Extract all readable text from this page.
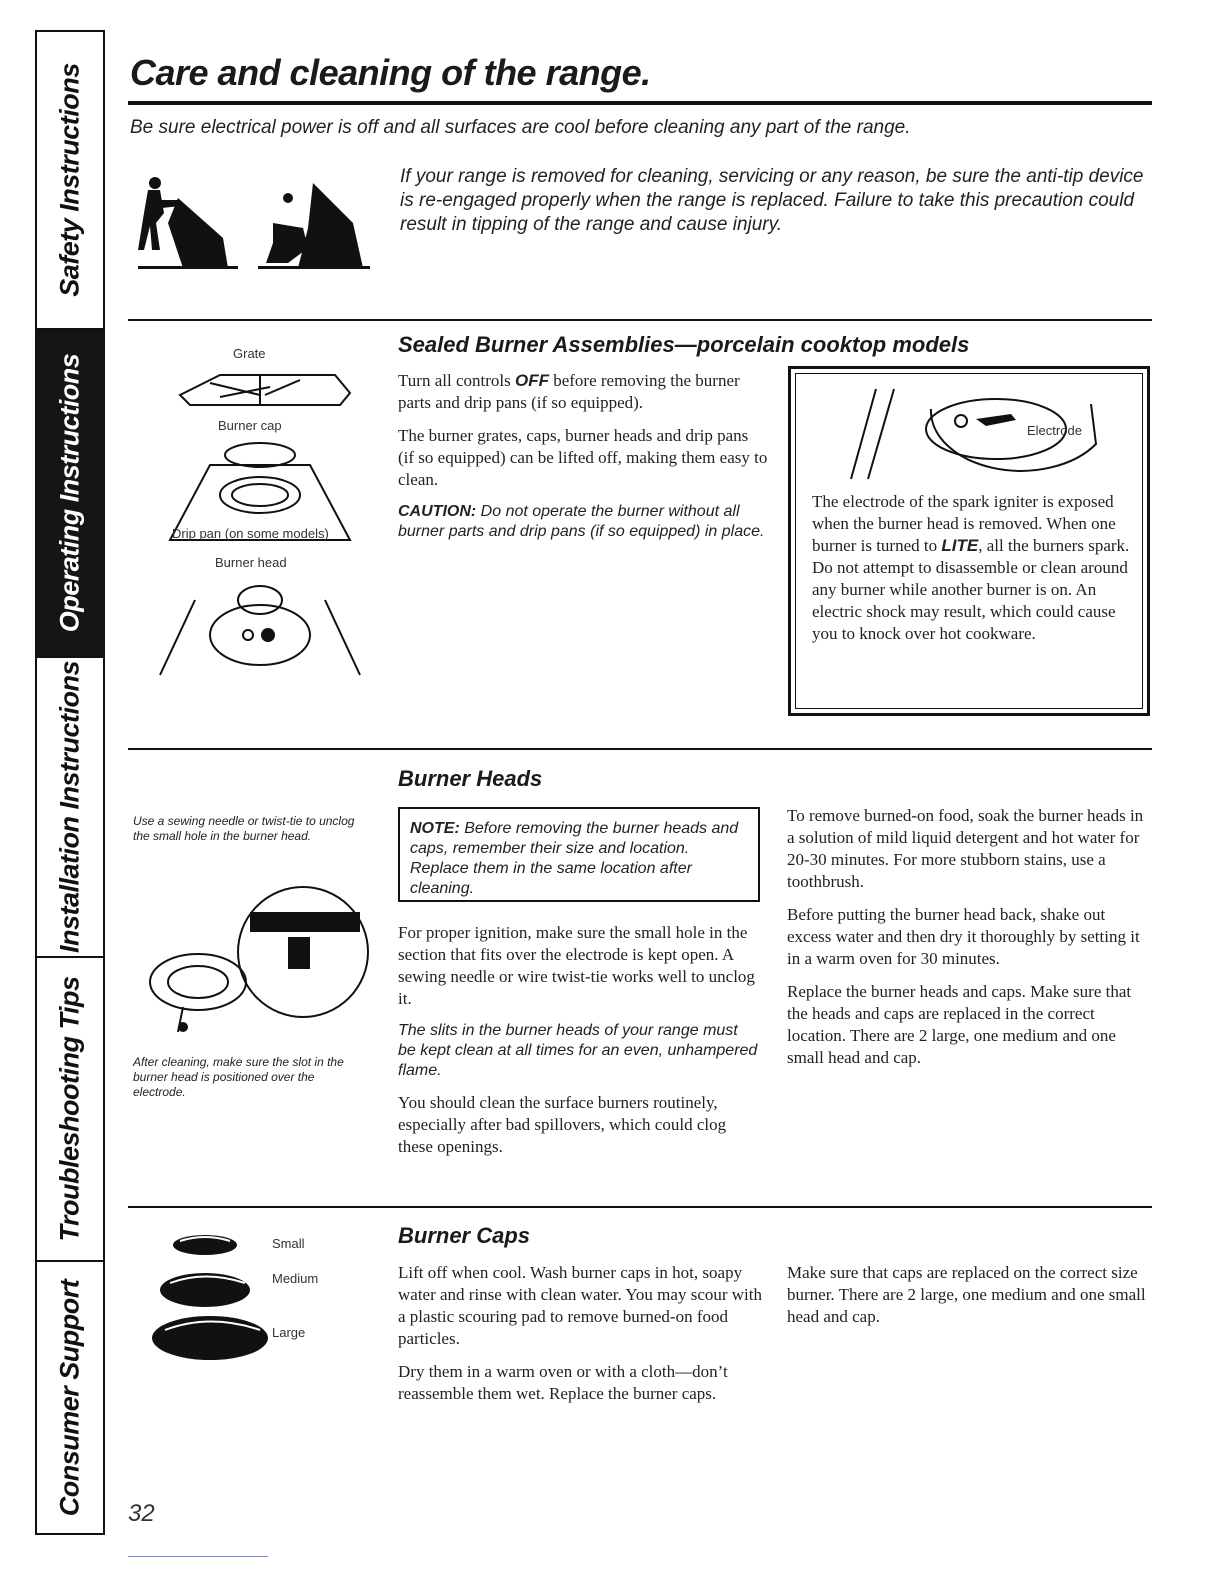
Safety Instructions
Operating Instructions
Installation Instructions
Troubleshooting Tips
Consumer Support
Care and cleaning of the range.
Be sure electrical power is off and all surfaces are cool before cleaning any part of the range.
If your range is removed for cleaning, servicing or any reason, be sure the anti-tip device is re-engaged properly when the range is replaced. Failure to take this precaution could result in tipping of the range and cause injury.
Grate
Burner cap
Drip pan (on some models)
Burner head
Sealed Burner Assemblies—porcelain cooktop models

Turn all controls OFF before removing the burner parts and drip pans (if so equipped).

The burner grates, caps, burner heads and drip pans (if so equipped) can be lifted off, making them easy to clean.

CAUTION: Do not operate the burner without all burner parts and drip pans (if so equipped) in place.

Electrode
The electrode of the spark igniter is exposed when the burner head is removed. When one burner is turned to LITE, all the burners spark. Do not attempt to disassemble or clean around any burner while another burner is on. An electric shock may result, which could cause you to knock over hot cookware.
Burner Heads
Use a sewing needle or twist-tie to unclog the small hole in the burner head.
After cleaning, make sure the slot in the burner head is positioned over the electrode.
NOTE: Before removing the burner heads and caps, remember their size and location. Replace them in the same location after cleaning.

For proper ignition, make sure the small hole in the section that fits over the electrode is kept open. A sewing needle or wire twist-tie works well to unclog it.

The slits in the burner heads of your range must be kept clean at all times for an even, unhampered flame.

You should clean the surface burners routinely, especially after bad spillovers, which could clog these openings.

To remove burned-on food, soak the burner heads in a solution of mild liquid detergent and hot water for 20-30 minutes. For more stubborn stains, use a toothbrush.

Before putting the burner head back, shake out excess water and then dry it thoroughly by setting it in a warm oven for 30 minutes.

Replace the burner heads and caps. Make sure that the heads and caps are replaced in the correct location. There are 2 large, one medium and one small head and cap.

Small
Medium
Large
Burner Caps

Lift off when cool. Wash burner caps in hot, soapy water and rinse with clean water. You may scour with a plastic scouring pad to remove burned-on food particles.

Dry them in a warm oven or with a cloth—don’t reassemble them wet. Replace the burner caps.

Make sure that caps are replaced on the correct size burner. There are 2 large, one medium and one small head and cap.

32
